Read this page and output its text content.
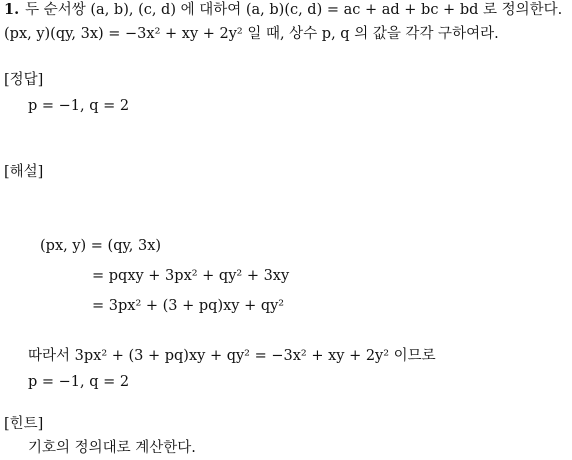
1. 두 순서쌍 (a, b), (c, d) 에 대하여 (a, b)(c, d) = ac + ad + bc + bd 로 정의한다.
(px, y)(qy, 3x) = −3x² + xy + 2y² 일 때, 상수 p, q 의 값을 각각 구하여라.
[정답]
p = −1, q = 2
[해설]
(px, y) = (qy, 3x)
= pqxy + 3px² + qy² + 3xy
= 3px² + (3 + pq)xy + qy²
따라서 3px² + (3 + pq)xy + qy² = −3x² + xy + 2y² 이므로
p = −1, q = 2
[힌트]
기호의 정의대로 계산한다.
